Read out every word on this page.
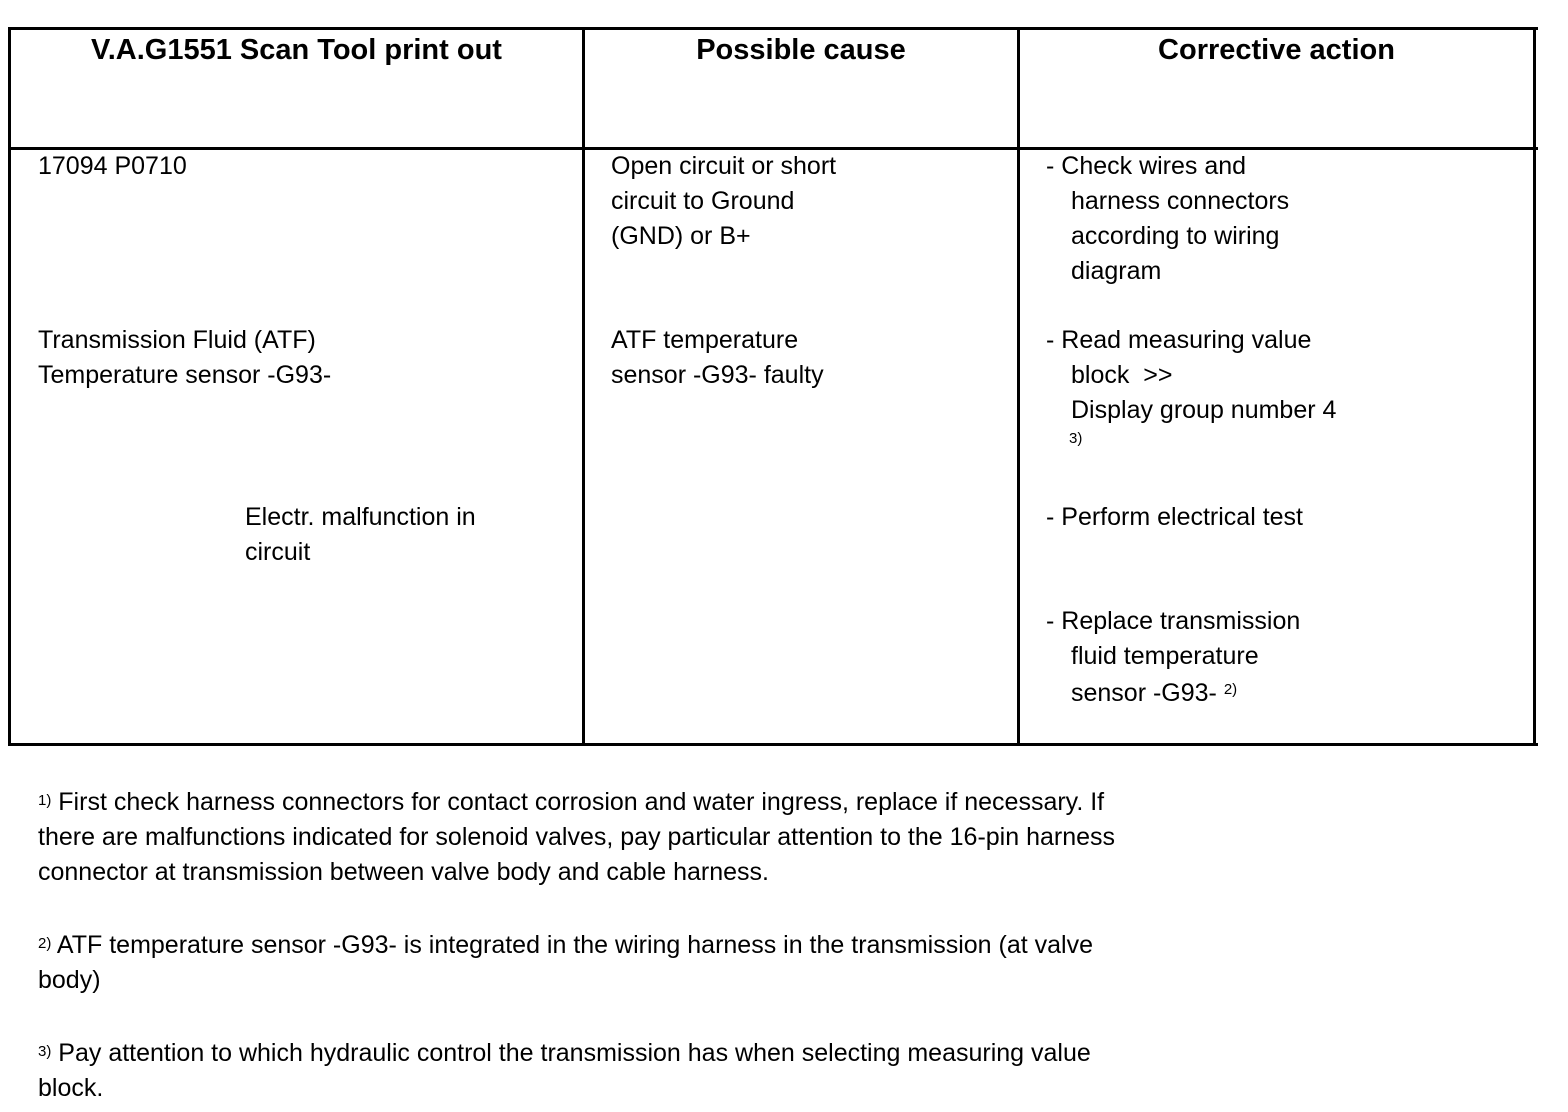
V.A.G1551 Scan Tool print out	Possible cause	Corrective action
17094 P0710
Transmission Fluid (ATF)
Temperature sensor -G93-
Electr. malfunction in
circuit
Open circuit or short
circuit to Ground
(GND) or B+
ATF temperature
sensor -G93- faulty
- Check wires and
harness connectors
according to wiring
diagram
- Read measuring value
block  >>
Display group number 4
3)
- Perform electrical test
- Replace transmission
fluid temperature
sensor -G93- $^{2)}$
$^{1)}$ First check harness connectors for contact corrosion and water ingress, replace if necessary. If
there are malfunctions indicated for solenoid valves, pay particular attention to the 16-pin harness
connector at transmission between valve body and cable harness.
$^{2)}$ ATF temperature sensor -G93- is integrated in the wiring harness in the transmission (at valve
body)
$^{3)}$ Pay attention to which hydraulic control the transmission has when selecting measuring value
block.
